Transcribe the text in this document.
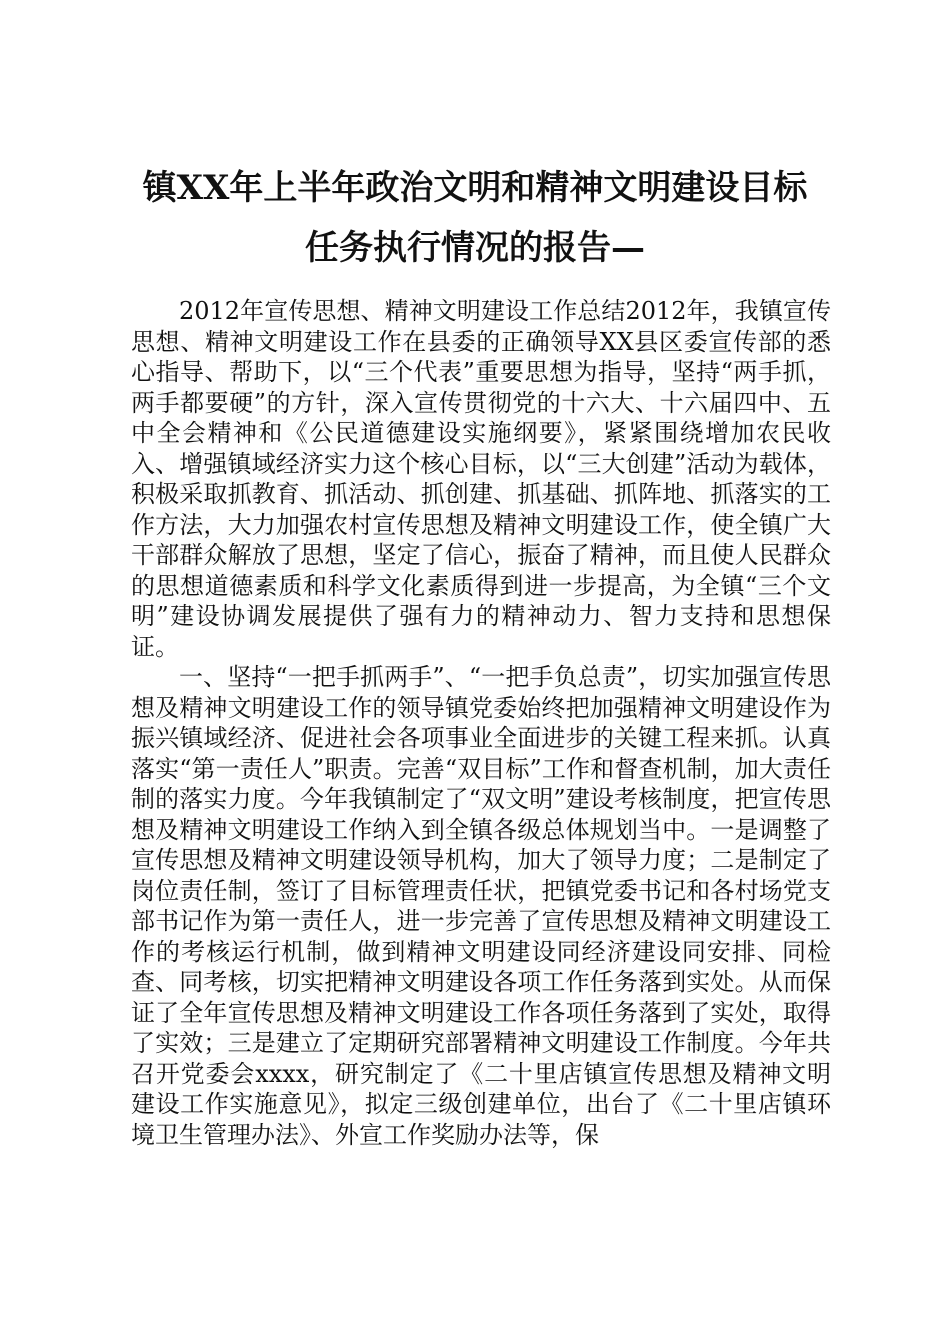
镇XX年上半年政治文明和精神文明建设目标
任务执行情况的报告—

2012年宣传思想、精神文明建设工作总结2012年，我镇宣传思想、精神文明建设工作在县委的正确领导XX县区委宣传部的悉心指导、帮助下，以“三个代表”重要思想为指导，坚持“两手抓，两手都要硬”的方针，深入宣传贯彻党的十六大、十六届四中、五中全会精神和《公民道德建设实施纲要》，紧紧围绕增加农民收入、增强镇域经济实力这个核心目标，以“三大创建”活动为载体，积极采取抓教育、抓活动、抓创建、抓基础、抓阵地、抓落实的工作方法，大力加强农村宣传思想及精神文明建设工作，使全镇广大干部群众解放了思想，坚定了信心，振奋了精神，而且使人民群众的思想道德素质和科学文化素质得到进一步提高，为全镇“三个文明”建设协调发展提供了强有力的精神动力、智力支持和思想保证。

一、坚持“一把手抓两手”、“一把手负总责”，切实加强宣传思想及精神文明建设工作的领导镇党委始终把加强精神文明建设作为振兴镇域经济、促进社会各项事业全面进步的关键工程来抓。认真落实“第一责任人”职责。完善“双目标”工作和督查机制，加大责任制的落实力度。今年我镇制定了“双文明”建设考核制度，把宣传思想及精神文明建设工作纳入到全镇各级总体规划当中。一是调整了宣传思想及精神文明建设领导机构，加大了领导力度；二是制定了岗位责任制，签订了目标管理责任状，把镇党委书记和各村场党支部书记作为第一责任人，进一步完善了宣传思想及精神文明建设工作的考核运行机制，做到精神文明建设同经济建设同安排、同检查、同考核，切实把精神文明建设各项工作任务落到实处。从而保证了全年宣传思想及精神文明建设工作各项任务落到了实处，取得了实效；三是建立了定期研究部署精神文明建设工作制度。今年共召开党委会xxxx，研究制定了《二十里店镇宣传思想及精神文明建设工作实施意见》，拟定三级创建单位，出台了《二十里店镇环境卫生管理办法》、外宣工作奖励办法等，保
